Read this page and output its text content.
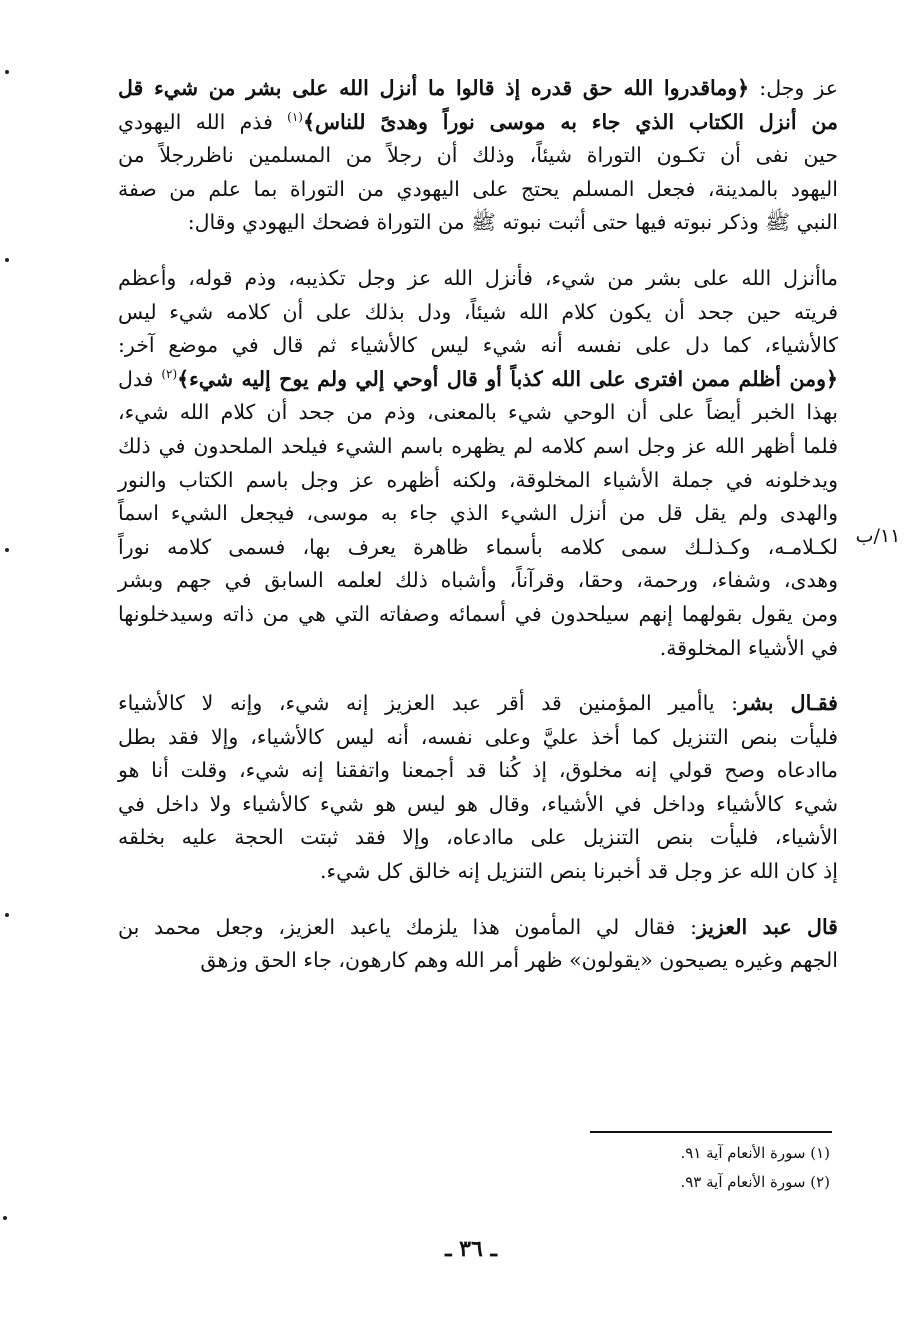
عز وجل: ﴿وماقدروا الله حق قدره إذ قالوا ما أنزل الله على بشر من شيء قل
من أنزل الكتاب الذي جاء به موسى نوراً وهدىً للناس﴾$^{(١)}$ فذم الله اليهودي
حين نفى أن تكـون التوراة شيئاً، وذلك أن رجلاً من المسلمين ناظررجلاً من
اليهود بالمدينة، فجعل المسلم يحتج على اليهودي من التوراة بما علم من صفة
النبي ﷺ وذكر نبوته فيها حتى أثبت نبوته ﷺ من التوراة فضحك اليهودي وقال:
ماأنزل الله على بشر من شيء، فأنزل الله عز وجل تكذيبه، وذم قوله، وأعظم
فريته حين جحد أن يكون كلام الله شيئاً، ودل بذلك على أن كلامه شيء ليس
كالأشياء، كما دل على نفسه أنه شيء ليس كالأشياء ثم قال في موضع آخر:
﴿ومن أظلم ممن افترى على الله كذباً أو قال أوحي إلي ولم يوح إليه شيء﴾$^{(٢)}$ فدل
بهذا الخبر أيضاً على أن الوحي شيء بالمعنى، وذم من جحد أن كلام الله شيء،
فلما أظهر الله عز وجل اسم كلامه لم يظهره باسم الشيء فيلحد الملحدون في ذلك
ويدخلونه في جملة الأشياء المخلوقة، ولكنه أظهره عز وجل باسم الكتاب والنور
والهدى ولم يقل قل من أنزل الشيء الذي جاء به موسى، فيجعل الشيء اسماً
لكـلامـه، وكـذلـك سمى كلامه بأسماء ظاهرة يعرف بها، فسمى كلامه نوراً
وهدى، وشفاء، ورحمة، وحقا، وقرآناً، وأشباه ذلك لعلمه السابق في جهم وبشر
ومن يقول بقولهما إنهم سيلحدون في أسمائه وصفاته التي هي من ذاته وسيدخلونها
في الأشياء المخلوقة.
فقـال بشر: ياأمير المؤمنين قد أقر عبد العزيز إنه شيء، وإنه لا كالأشياء
فليأت بنص التنزيل كما أخذ عليَّ وعلى نفسه، أنه ليس كالأشياء، وإلا فقد بطل
ماادعاه وصح قولي إنه مخلوق، إذ كُنا قد أجمعنا واتفقنا إنه شيء، وقلت أنا هو
شيء كالأشياء وداخل في الأشياء، وقال هو ليس هو شيء كالأشياء ولا داخل في
الأشياء، فليأت بنص التنزيل على ماادعاه، وإلا فقد ثبتت الحجة عليه بخلقه
إذ كان الله عز وجل قد أخبرنا بنص التنزيل إنه خالق كل شيء.
قال عبد العزيز: فقال لي المأمون هذا يلزمك ياعبد العزيز، وجعل محمد بن
الجهم وغيره يصيحون «يقولون» ظهر أمر الله وهم كارهون، جاء الحق وزهق
١١/ب
(١) سورة الأنعام آية ٩١.
(٢) سورة الأنعام آية ٩٣.
ـ ٣٦ ـ
